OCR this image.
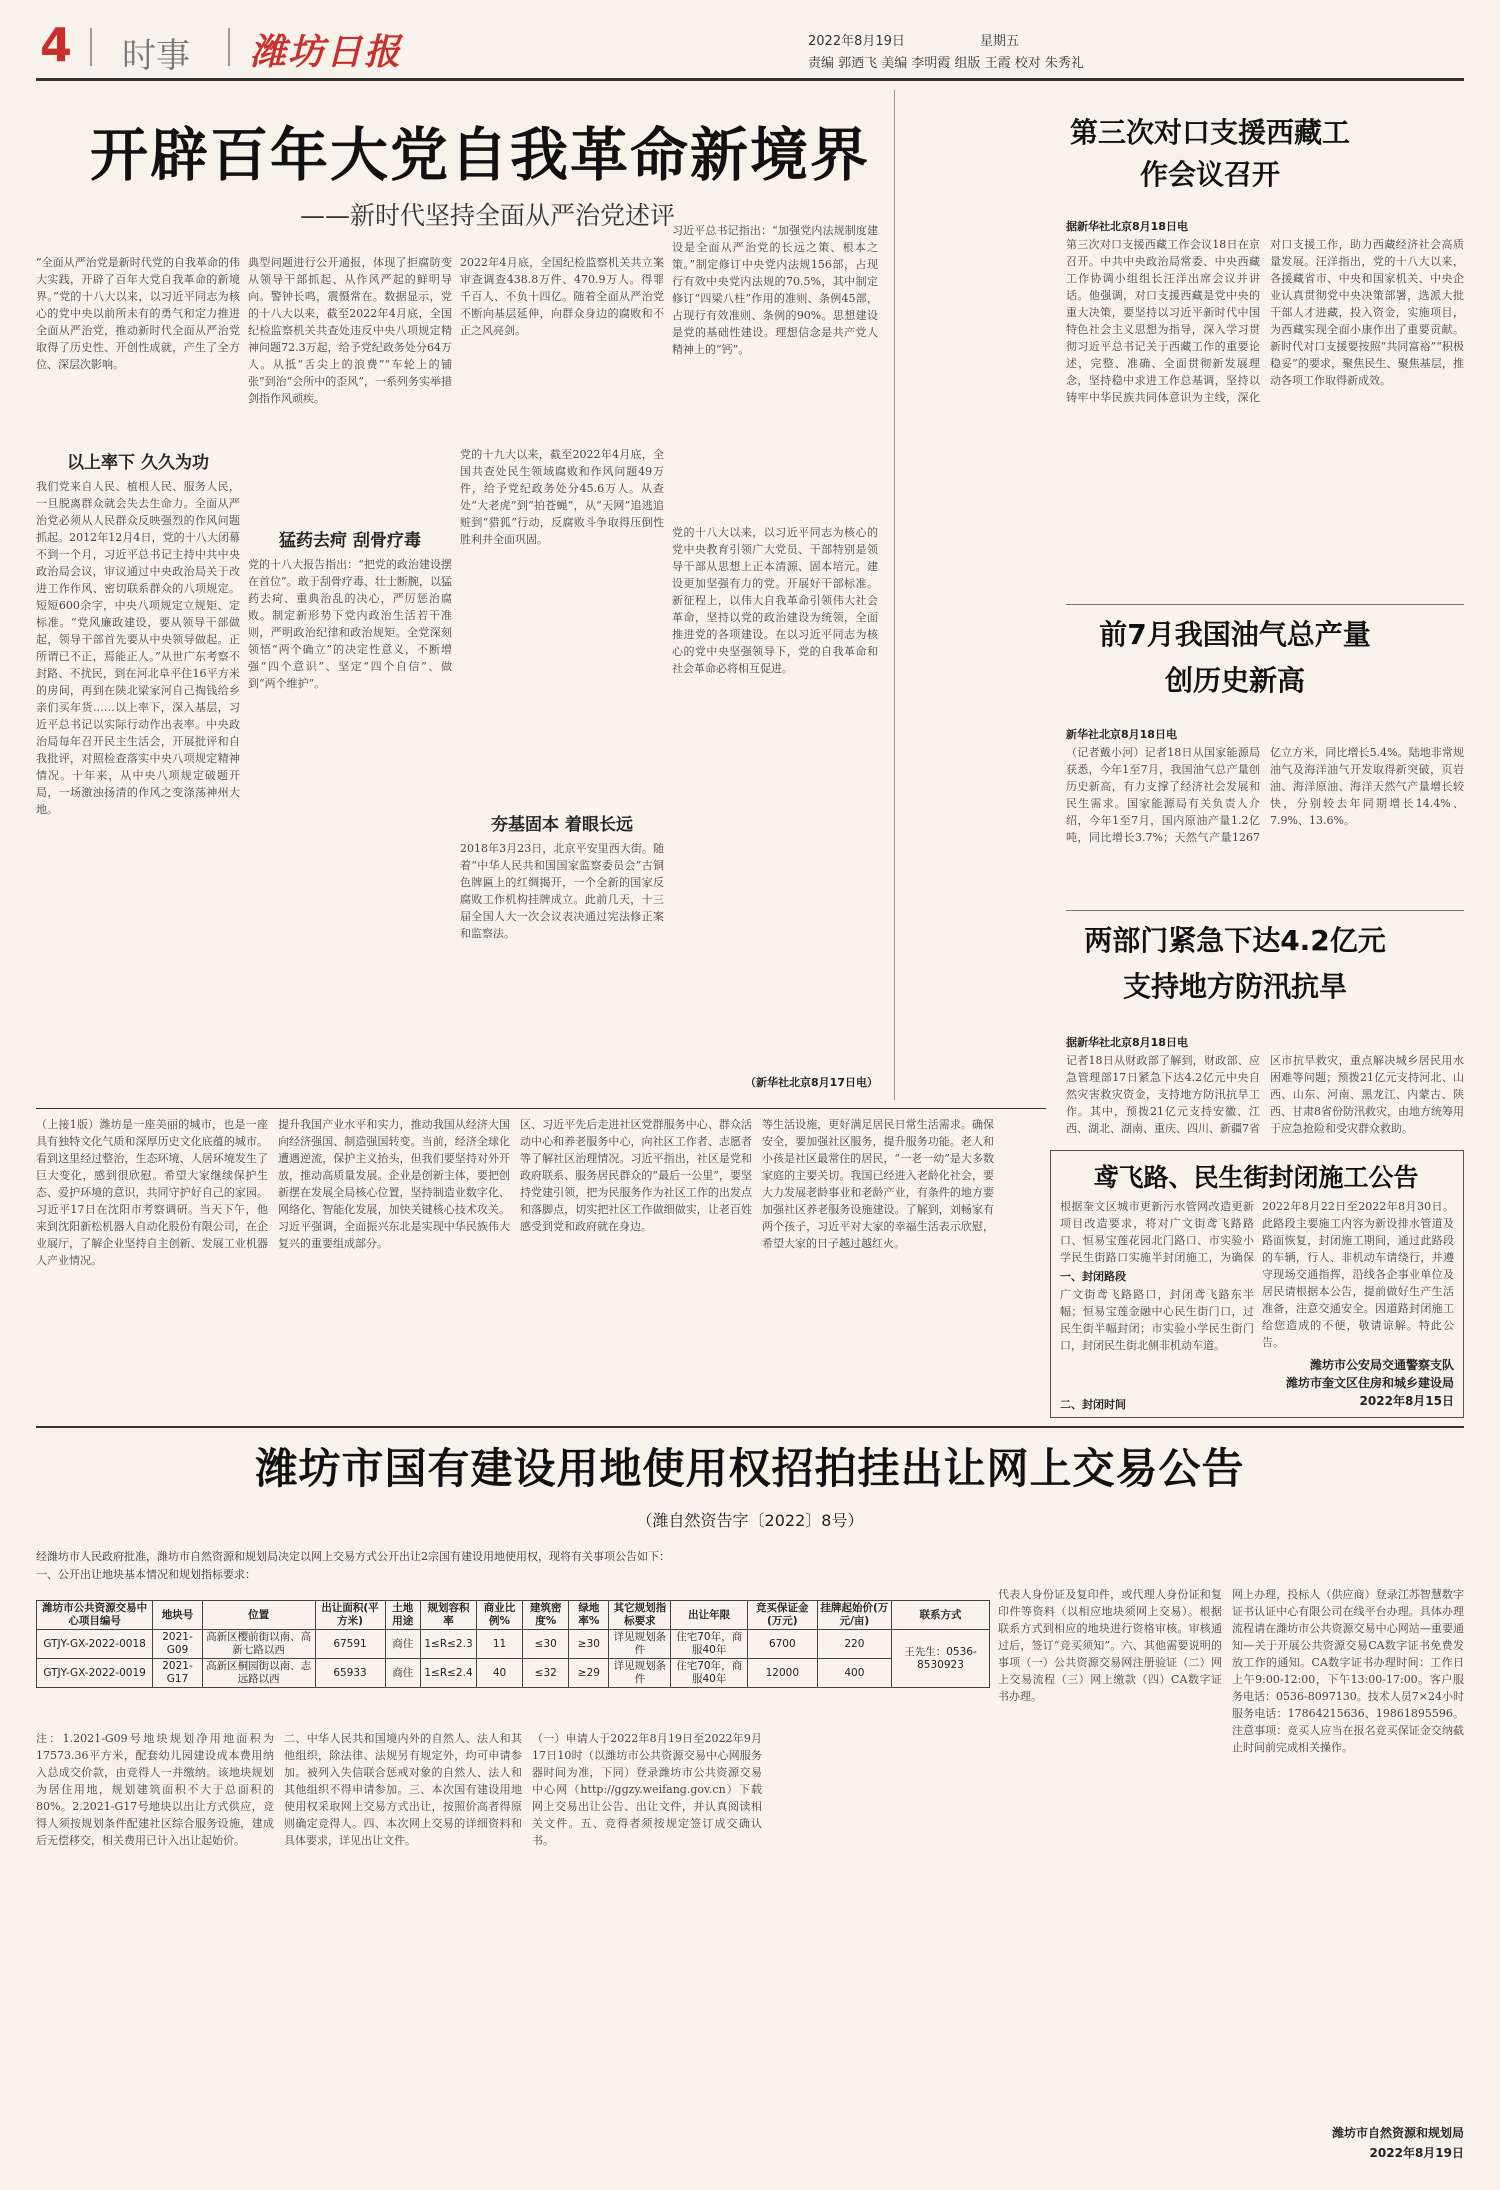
4 时事 潍坊日报	2022年8月19日	星期五
责编 郭迺飞 美编 李明霞 组版 王霞 校对 朱秀礼
开辟百年大党自我革命新境界
——新时代坚持全面从严治党述评
“全面从严治党是新时代党的自我革命的伟大实践，开辟了百年大党自我革命的新境界。”党的十八大以来，以习近平同志为核心的党中央以前所未有的勇气和定力推进全面从严治党，推动新时代全面从严治党取得了历史性、开创性成就，产生了全方位、深层次影响。
以上率下 久久为功
我们党来自人民、植根人民、服务人民，一旦脱离群众就会失去生命力。全面从严治党必须从人民群众反映强烈的作风问题抓起。2012年12月4日，党的十八大闭幕不到一个月，习近平总书记主持中共中央政治局会议，审议通过中央政治局关于改进工作作风、密切联系群众的八项规定。短短600余字，中央八项规定立规矩、定标准。“党风廉政建设，要从领导干部做起，领导干部首先要从中央领导做起。正所谓已不正，焉能正人。”从世广东考察不封路、不扰民，到在河北阜平住16平方米的房间，再到在陕北梁家河自己掏钱给乡亲们买年货……以上率下，深入基层，习近平总书记以实际行动作出表率。中央政治局每年召开民主生活会，开展批评和自我批评，对照检查落实中央八项规定精神情况。十年来，从中央八项规定破题开局，一场激浊扬清的作风之变涤荡神州大地。
典型问题进行公开通报，体现了拒腐防变从领导干部抓起、从作风严起的鲜明导向。警钟长鸣，震慑常在。数据显示，党的十八大以来，截至2022年4月底，全国纪检监察机关共查处违反中央八项规定精神问题72.3万起，给予党纪政务处分64万人。从抵“舌尖上的浪费”“车轮上的铺张”到治“会所中的歪风”，一系列务实举措剑指作风顽疾。
猛药去疴 刮骨疗毒
党的十八大报告指出：“把党的政治建设摆在首位”。敢于刮骨疗毒、壮士断腕，以猛药去疴、重典治乱的决心，严厉惩治腐败。制定新形势下党内政治生活若干准则，严明政治纪律和政治规矩。全党深刻领悟“两个确立”的决定性意义，不断增强“四个意识”、坚定“四个自信”、做到“两个维护”。
2022年4月底，全国纪检监察机关共立案审查调查438.8万件、470.9万人。得罪千百人、不负十四亿。随着全面从严治党不断向基层延伸，向群众身边的腐败和不正之风亮剑。
党的十九大以来，截至2022年4月底，全国共查处民生领域腐败和作风问题49万件，给予党纪政务处分45.6万人。从查处“大老虎”到“拍苍蝇”，从“天网”追逃追赃到“猎狐”行动，反腐败斗争取得压倒性胜利并全面巩固。
夯基固本 着眼长远
2018年3月23日，北京平安里西大街。随着“中华人民共和国国家监察委员会”古铜色牌匾上的红绸揭开，一个全新的国家反腐败工作机构挂牌成立。此前几天，十三届全国人大一次会议表决通过宪法修正案和监察法。
习近平总书记指出：“加强党内法规制度建设是全面从严治党的长远之策、根本之策。”制定修订中央党内法规156部，占现行有效中央党内法规的70.5%，其中制定修订“四梁八柱”作用的准则、条例45部，占现行有效准则、条例的90%。思想建设是党的基础性建设。理想信念是共产党人精神上的“钙”。
党的十八大以来，以习近平同志为核心的党中央教育引领广大党员、干部特别是领导干部从思想上正本清源、固本培元。建设更加坚强有力的党。开展好干部标准。新征程上，以伟大自我革命引领伟大社会革命，坚持以党的政治建设为统领，全面推进党的各项建设。在以习近平同志为核心的党中央坚强领导下，党的自我革命和社会革命必将相互促进。
（新华社北京8月17日电）
第三次对口支援西藏工作会议召开
据新华社北京8月18日电
第三次对口支援西藏工作会议18日在京召开。中共中央政治局常委、中央西藏工作协调小组组长汪洋出席会议并讲话。他强调，对口支援西藏是党中央的重大决策，要坚持以习近平新时代中国特色社会主义思想为指导，深入学习贯彻习近平总书记关于西藏工作的重要论述，完整、准确、全面贯彻新发展理念，坚持稳中求进工作总基调，坚持以铸牢中华民族共同体意识为主线，深化对口支援工作，助力西藏经济社会高质量发展。汪洋指出，党的十八大以来，各援藏省市、中央和国家机关、中央企业认真贯彻党中央决策部署，选派大批干部人才进藏，投入资金，实施项目，为西藏实现全面小康作出了重要贡献。新时代对口支援要按照“共同富裕”“积极稳妥”的要求，聚焦民生、聚焦基层，推动各项工作取得新成效。
前7月我国油气总产量创历史新高
新华社北京8月18日电
（记者戴小河）记者18日从国家能源局获悉，今年1至7月，我国油气总产量创历史新高，有力支撑了经济社会发展和民生需求。国家能源局有关负责人介绍，今年1至7月，国内原油产量1.2亿吨，同比增长3.7%；天然气产量1267亿立方米，同比增长5.4%。陆地非常规油气及海洋油气开发取得新突破，页岩油、海洋原油、海洋天然气产量增长较快，分别较去年同期增长14.4%、7.9%、13.6%。
两部门紧急下达4.2亿元支持地方防汛抗旱
据新华社北京8月18日电
记者18日从财政部了解到，财政部、应急管理部17日紧急下达4.2亿元中央自然灾害救灾资金，支持地方防汛抗旱工作。其中，预拨21亿元支持安徽、江西、湖北、湖南、重庆、四川、新疆7省区市抗旱救灾，重点解决城乡居民用水困难等问题；预拨21亿元支持河北、山西、山东、河南、黑龙江、内蒙古、陕西、甘肃8省份防汛救灾，由地方统筹用于应急抢险和受灾群众救助。
（上接1版）潍坊是一座美丽的城市，也是一座具有独特文化气质和深厚历史文化底蕴的城市。看到这里经过整治，生态环境、人居环境发生了巨大变化，感到很欣慰。希望大家继续保护生态、爱护环境的意识，共同守护好自己的家园。习近平17日在沈阳市考察调研。当天下午，他来到沈阳新松机器人自动化股份有限公司，在企业展厅，了解企业坚持自主创新、发展工业机器人产业情况。
提升我国产业水平和实力，推动我国从经济大国向经济强国、制造强国转变。当前，经济全球化遭遇逆流，保护主义抬头，但我们要坚持对外开放，推动高质量发展。企业是创新主体，要把创新摆在发展全局核心位置，坚持制造业数字化、网络化、智能化发展，加快关键核心技术攻关。习近平强调，全面振兴东北是实现中华民族伟大复兴的重要组成部分。
区、习近平先后走进社区党群服务中心、群众活动中心和养老服务中心，向社区工作者、志愿者等了解社区治理情况。习近平指出，社区是党和政府联系、服务居民群众的“最后一公里”，要坚持党建引领，把为民服务作为社区工作的出发点和落脚点，切实把社区工作做细做实，让老百姓感受到党和政府就在身边。
等生活设施，更好满足居民日常生活需求。确保安全，要加强社区服务，提升服务功能。老人和小孩是社区最常住的居民，“一老一幼”是大多数家庭的主要关切。我国已经进入老龄化社会，要大力发展老龄事业和老龄产业，有条件的地方要加强社区养老服务设施建设。了解到，刘畅家有两个孩子，习近平对大家的幸福生活表示欣慰，希望大家的日子越过越红火。
鸢飞路、民生街封闭施工公告
根据奎文区城市更新污水管网改造更新项目改造要求，将对广文街鸢飞路路口、恒易宝莲花园北门路口、市实验小学民生街路口实施半封闭施工，为确保
一、封闭路段
广文街鸢飞路路口，封闭鸢飞路东半幅；恒易宝莲金融中心民生街门口，过民生街半幅封闭；市实验小学民生街门口，封闭民生街北侧非机动车道。
二、封闭时间
2022年8月22日至2022年8月30日。此路段主要施工内容为新设排水管道及路面恢复，封闭施工期间，通过此路段的车辆，行人、非机动车请绕行，并遵守现场交通指挥，沿线各企事业单位及居民请根据本公告，提前做好生产生活准备，注意交通安全。因道路封闭施工给您造成的不便，敬请谅解。特此公告。
潍坊市公安局交通警察支队
潍坊市奎文区住房和城乡建设局
2022年8月15日
潍坊市国有建设用地使用权招拍挂出让网上交易公告
（潍自然资告字〔2022〕8号）
经潍坊市人民政府批准，潍坊市自然资源和规划局决定以网上交易方式公开出让2宗国有建设用地使用权，现将有关事项公告如下：
一、公开出让地块基本情况和规划指标要求：
潍坊市公共资源交易中心项目编号	地块号	位置	出让面积(平方米)	土地用途	规划容积率	商业比例%	建筑密度%	绿地率%	其它规划指标要求	出让年限	竞买保证金(万元)	挂牌起始价(万元/亩)	联系方式
GTJY-GX-2022-0018	2021-G09	高新区樱前街以南、高新七路以西	67591	商住	1≤R≤2.3	11	≤30	≥30	详见规划条件	住宅70年，商服40年	6700	220	王先生：0536-8530923
GTJY-GX-2022-0019	2021-G17	高新区桐园街以南、志远路以西	65933	商住	1≤R≤2.4	40	≤32	≥29	详见规划条件	住宅70年，商服40年	12000	400	
注：1.2021-G09号地块规划净用地面积为17573.36平方米，配套幼儿园建设成本费用纳入总成交价款，由竞得人一并缴纳。该地块规划为居住用地，规划建筑面积不大于总面积的80%。2.2021-G17号地块以出让方式供应，竞得人须按规划条件配建社区综合服务设施，建成后无偿移交，相关费用已计入出让起始价。
二、中华人民共和国境内外的自然人、法人和其他组织，除法律、法规另有规定外，均可申请参加。被列入失信联合惩戒对象的自然人、法人和其他组织不得申请参加。三、本次国有建设用地使用权采取网上交易方式出让，按照价高者得原则确定竞得人。四、本次网上交易的详细资料和具体要求，详见出让文件。
（一）申请人于2022年8月19日至2022年9月17日10时（以潍坊市公共资源交易中心网服务器时间为准，下同）登录潍坊市公共资源交易中心网（http://ggzy.weifang.gov.cn）下载网上交易出让公告、出让文件，并认真阅读相关文件。五、竞得者须按规定签订成交确认书。
代表人身份证及复印件，或代理人身份证和复印件等资料（以相应地块须网上交易）。根据联系方式到相应的地块进行资格审核。审核通过后，签订“竞买须知”。六、其他需要说明的事项（一）公共资源交易网注册验证（二）网上交易流程（三）网上缴款（四）CA数字证书办理。
网上办理，投标人（供应商）登录江苏智慧数字证书认证中心有限公司在线平台办理。具体办理流程请在潍坊市公共资源交易中心网站—重要通知—关于开展公共资源交易CA数字证书免费发放工作的通知。CA数字证书办理时间：工作日上午9:00-12:00，下午13:00-17:00。客户服务电话：0536-8097130。技术人员7×24小时服务电话：17864215636、19861895596。注意事项：竞买人应当在报名竞买保证金交纳截止时间前完成相关操作。
潍坊市自然资源和规划局
2022年8月19日
